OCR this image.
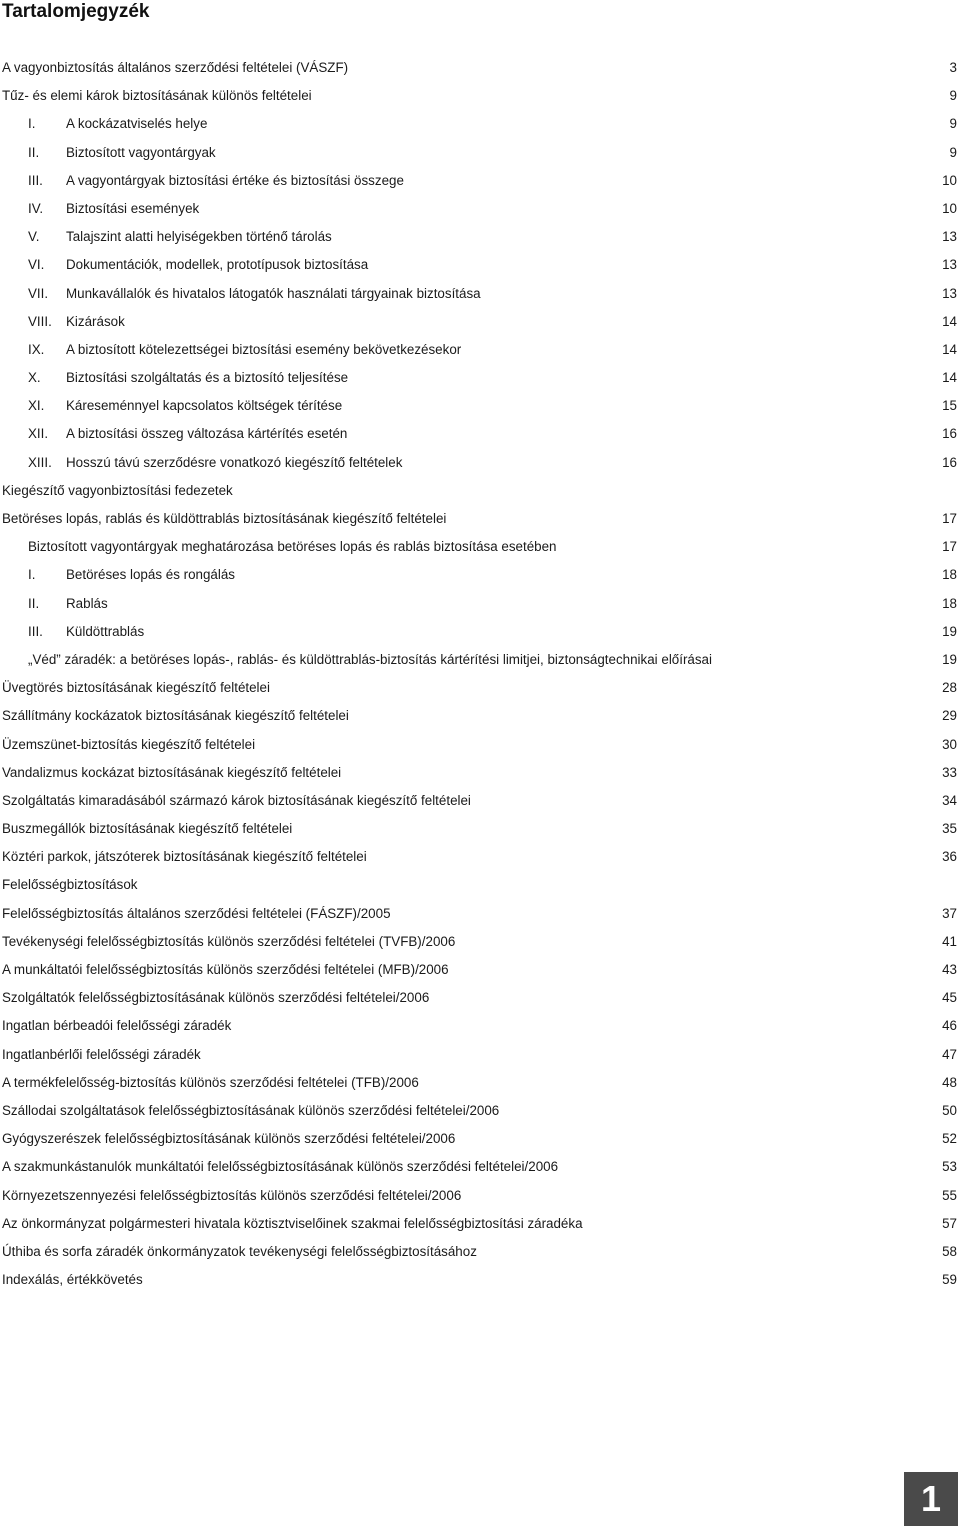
Tartalomjegyzék
A vagyonbiztosítás általános szerződési feltételei (VÁSZF)	3
Tűz- és elemi károk biztosításának különös feltételei	9
I. A kockázatviselés helye	9
II. Biztosított vagyontárgyak	9
III. A vagyontárgyak biztosítási értéke és biztosítási összege	10
IV. Biztosítási események	10
V. Talajszint alatti helyiségekben történő tárolás	13
VI. Dokumentációk, modellek, prototípusok biztosítása	13
VII. Munkavállalók és hivatalos látogatók használati tárgyainak biztosítása	13
VIII. Kizárások	14
IX. A biztosított kötelezettségei biztosítási esemény bekövetkezésekor	14
X. Biztosítási szolgáltatás és a biztosító teljesítése	14
XI. Káreseménnyel kapcsolatos költségek térítése	15
XII. A biztosítási összeg változása kártérítés esetén	16
XIII. Hosszú távú szerződésre vonatkozó kiegészítő feltételek	16
Kiegészítő vagyonbiztosítási fedezetek
Betöréses lopás, rablás és küldöttrablás biztosításának kiegészítő feltételei	17
Biztosított vagyontárgyak meghatározása betöréses lopás és rablás biztosítása esetében	17
I. Betöréses lopás és rongálás	18
II. Rablás	18
III. Küldöttrablás	19
„Véd” záradék: a betöréses lopás-, rablás- és küldöttrablás-biztosítás kártérítési limitjei, biztonságtechnikai előírásai	19
Üvegtörés biztosításának kiegészítő feltételei	28
Szállítmány kockázatok biztosításának kiegészítő feltételei	29
Üzemszünet-biztosítás kiegészítő feltételei	30
Vandalizmus kockázat biztosításának kiegészítő feltételei	33
Szolgáltatás kimaradásából származó károk biztosításának kiegészítő feltételei	34
Buszmegállók biztosításának kiegészítő feltételei	35
Köztéri parkok, játszóterek biztosításának kiegészítő feltételei	36
Felelősségbiztosítások
Felelősségbiztosítás általános szerződési feltételei (FÁSZF)/2005	37
Tevékenységi felelősségbiztosítás különös szerződési feltételei (TVFB)/2006	41
A munkáltatói felelősségbiztosítás különös szerződési feltételei (MFB)/2006	43
Szolgáltatók felelősségbiztosításának különös szerződési feltételei/2006	45
Ingatlan bérbeadói felelősségi záradék	46
Ingatlanbérlői felelősségi záradék	47
A termékfelelősség-biztosítás különös szerződési feltételei (TFB)/2006	48
Szállodai szolgáltatások felelősségbiztosításának különös szerződési feltételei/2006	50
Gyógyszerészek felelősségbiztosításának különös szerződési feltételei/2006	52
A szakmunkástanulók munkáltatói felelősségbiztosításának különös szerződési feltételei/2006	53
Környezetszennyezési felelősségbiztosítás különös szerződési feltételei/2006	55
Az önkormányzat polgármesteri hivatala köztisztviselőinek szakmai felelősségbiztosítási záradéka	57
Úthiba és sorfa záradék önkormányzatok tevékenységi felelősségbiztosításához	58
Indexálás, értékkövetés	59
1
